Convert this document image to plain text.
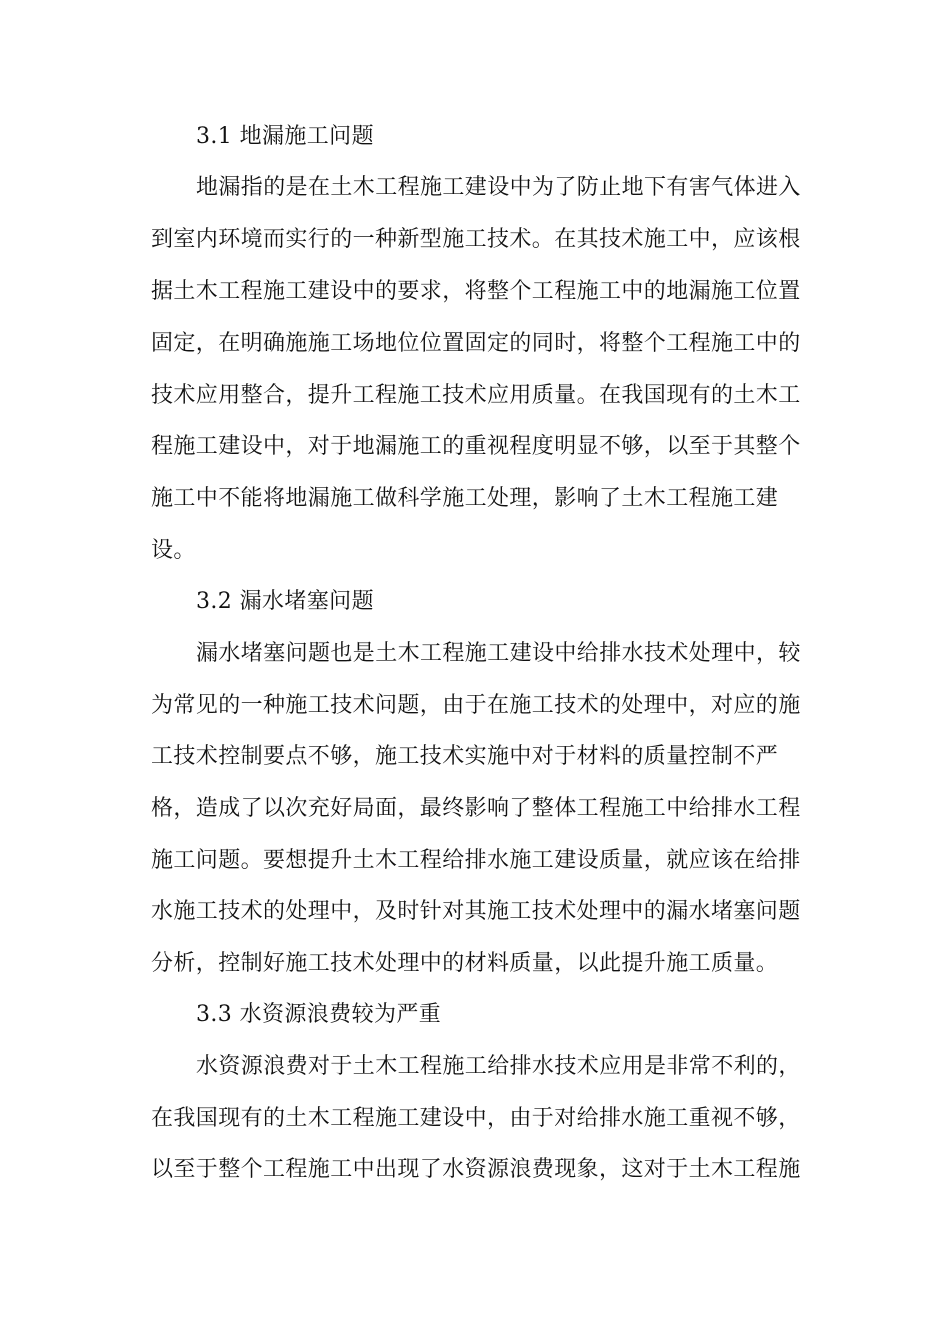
3.1 地漏施工问题
地漏指的是在土木工程施工建设中为了防止地下有害气体进入
到室内环境而实行的一种新型施工技术。在其技术施工中，应该根
据土木工程施工建设中的要求，将整个工程施工中的地漏施工位置
固定，在明确施施工场地位位置固定的同时，将整个工程施工中的
技术应用整合，提升工程施工技术应用质量。在我国现有的土木工
程施工建设中，对于地漏施工的重视程度明显不够，以至于其整个
施工中不能将地漏施工做科学施工处理，影响了土木工程施工建
设。
3.2 漏水堵塞问题
漏水堵塞问题也是土木工程施工建设中给排水技术处理中，较
为常见的一种施工技术问题，由于在施工技术的处理中，对应的施
工技术控制要点不够，施工技术实施中对于材料的质量控制不严
格，造成了以次充好局面，最终影响了整体工程施工中给排水工程
施工问题。要想提升土木工程给排水施工建设质量，就应该在给排
水施工技术的处理中，及时针对其施工技术处理中的漏水堵塞问题
分析，控制好施工技术处理中的材料质量，以此提升施工质量。
3.3 水资源浪费较为严重
水资源浪费对于土木工程施工给排水技术应用是非常不利的，
在我国现有的土木工程施工建设中，由于对给排水施工重视不够，
以至于整个工程施工中出现了水资源浪费现象，这对于土木工程施
